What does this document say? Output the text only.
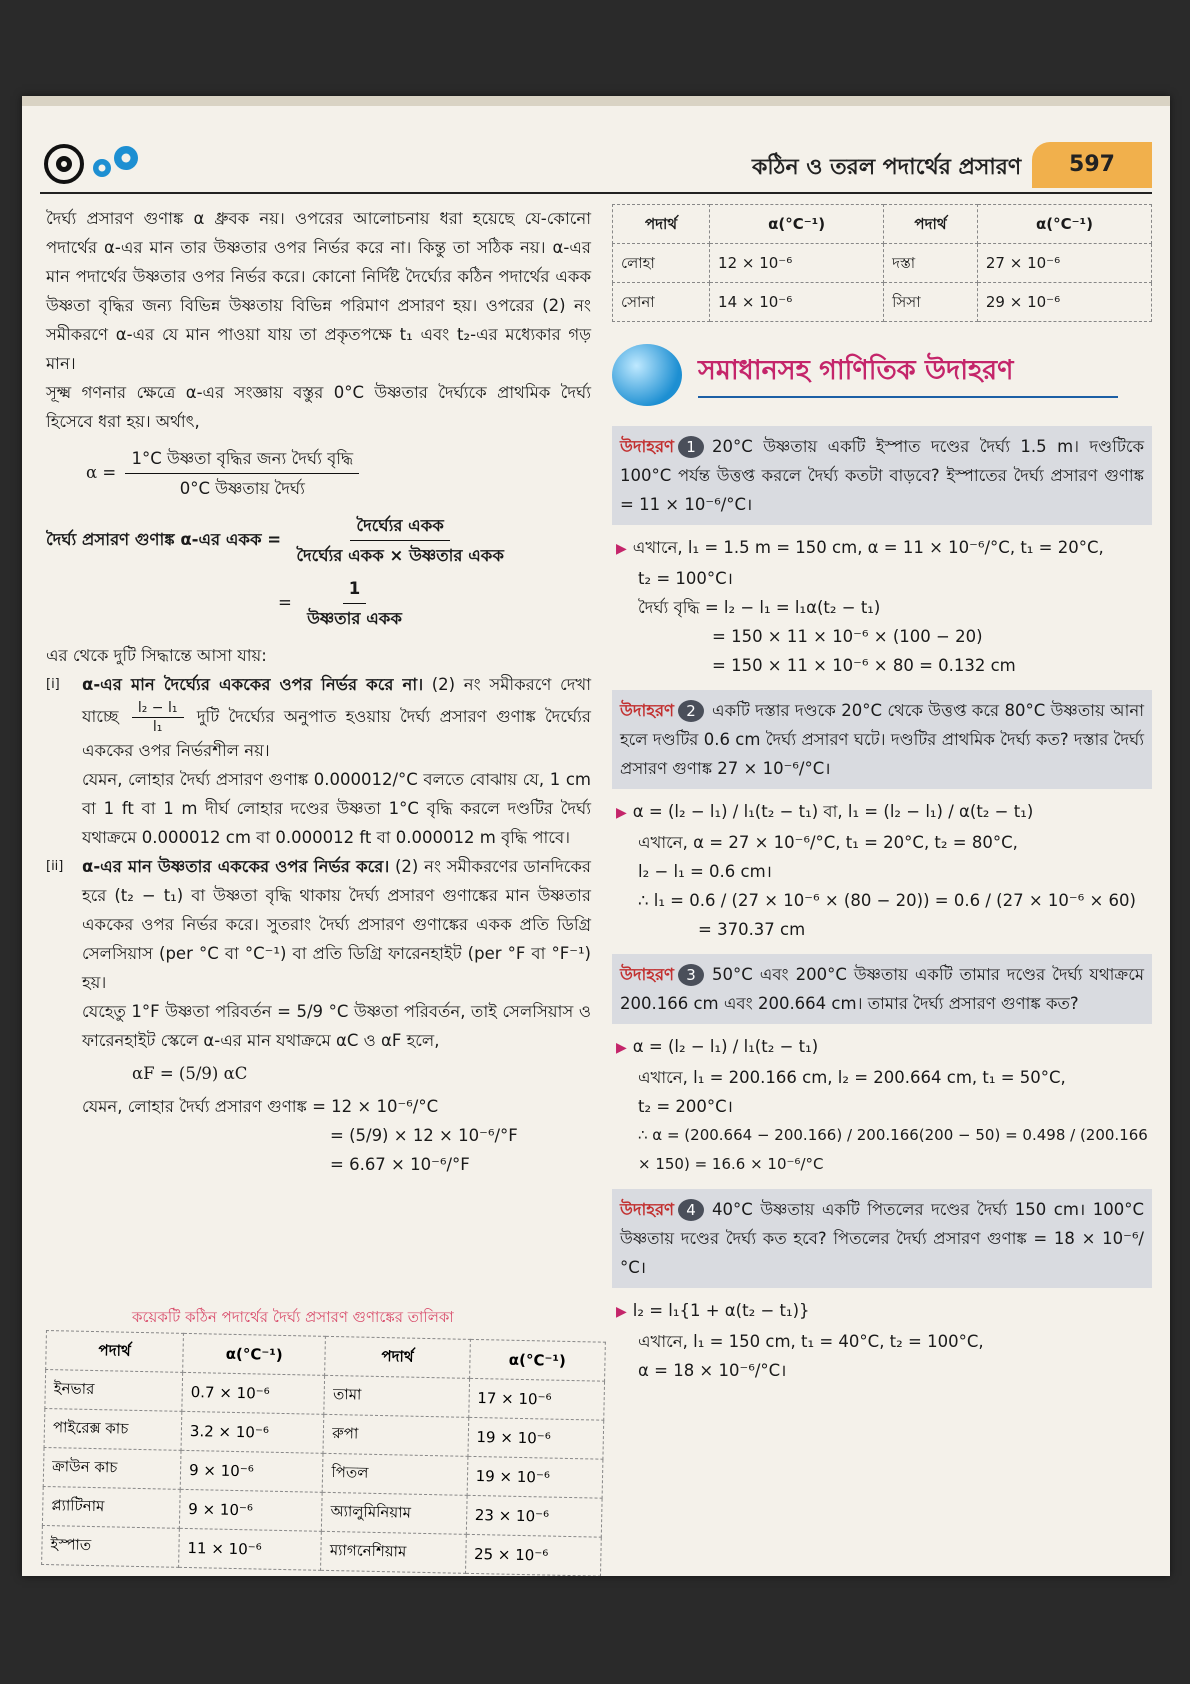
কঠিন ও তরল পদার্থের প্রসারণ	597

দৈর্ঘ্য প্রসারণ গুণাঙ্ক α ধ্রুবক নয়। ওপরের আলোচনায় ধরা হয়েছে যে-কোনো পদার্থের α-এর মান তার উষ্ণতার ওপর নির্ভর করে না। কিন্তু তা সঠিক নয়। α-এর মান পদার্থের উষ্ণতার ওপর নির্ভর করে। কোনো নির্দিষ্ট দৈর্ঘ্যের কঠিন পদার্থের একক উষ্ণতা বৃদ্ধির জন্য বিভিন্ন উষ্ণতায় বিভিন্ন পরিমাণ প্রসারণ হয়। ওপরের (2) নং সমীকরণে α-এর যে মান পাওয়া যায় তা প্রকৃতপক্ষে t₁ এবং t₂-এর মধ্যেকার গড় মান।

সূক্ষ্ম গণনার ক্ষেত্রে α-এর সংজ্ঞায় বস্তুর 0°C উষ্ণতার দৈর্ঘ্যকে প্রাথমিক দৈর্ঘ্য হিসেবে ধরা হয়। অর্থাৎ,

$\alpha = \frac{\text{1°C উষ্ণতা বৃদ্ধির জন্য দৈর্ঘ্য বৃদ্ধি}}{\text{0°C উষ্ণতায় দৈর্ঘ্য}}$
দৈর্ঘ্য প্রসারণ গুণাঙ্ক α-এর একক = $\frac{\text{দৈর্ঘ্যের একক}}{\text{দৈর্ঘ্যের একক × উষ্ণতার একক}}$
= $\frac{1}{\text{উষ্ণতার একক}}$

এর থেকে দুটি সিদ্ধান্তে আসা যায়:

[i] α-এর মান দৈর্ঘ্যের এককের ওপর নির্ভর করে না। (2) নং সমীকরণে দেখা যাচ্ছে $\frac{\text{l₂ − l₁}}{\text{l₁}}$ দুটি দৈর্ঘ্যের অনুপাত হওয়ায় দৈর্ঘ্য প্রসারণ গুণাঙ্ক দৈর্ঘ্যের এককের ওপর নির্ভরশীল নয়।

যেমন, লোহার দৈর্ঘ্য প্রসারণ গুণাঙ্ক 0.000012/°C বলতে বোঝায় যে, 1 cm বা 1 ft বা 1 m দীর্ঘ লোহার দণ্ডের উষ্ণতা 1°C বৃদ্ধি করলে দণ্ডটির দৈর্ঘ্য যথাক্রমে 0.000012 cm বা 0.000012 ft বা 0.000012 m বৃদ্ধি পাবে।

[ii] α-এর মান উষ্ণতার এককের ওপর নির্ভর করে। (2) নং সমীকরণের ডানদিকের হরে (t₂ − t₁) বা উষ্ণতা বৃদ্ধি থাকায় দৈর্ঘ্য প্রসারণ গুণাঙ্কের মান উষ্ণতার এককের ওপর নির্ভর করে। সুতরাং দৈর্ঘ্য প্রসারণ গুণাঙ্কের একক প্রতি ডিগ্রি সেলসিয়াস (per °C বা °C⁻¹) বা প্রতি ডিগ্রি ফারেনহাইট (per °F বা °F⁻¹) হয়।

যেহেতু 1°F উষ্ণতা পরিবর্তন = 5/9 °C উষ্ণতা পরিবর্তন, তাই সেলসিয়াস ও ফারেনহাইট স্কেলে α-এর মান যথাক্রমে αC ও αF হলে,

αF = (5/9) αC

যেমন, লোহার দৈর্ঘ্য প্রসারণ গুণাঙ্ক = 12 × 10⁻⁶/°C

= (5/9) × 12 × 10⁻⁶/°F

= 6.67 × 10⁻⁶/°F

কয়েকটি কঠিন পদার্থের দৈর্ঘ্য প্রসারণ গুণাঙ্কের তালিকা
পদার্থ	α(°C⁻¹)	পদার্থ	α(°C⁻¹)
ইনভার	0.7 × 10⁻⁶	তামা	17 × 10⁻⁶
পাইরেক্স কাচ	3.2 × 10⁻⁶	রুপা	19 × 10⁻⁶
ক্রাউন কাচ	9 × 10⁻⁶	পিতল	19 × 10⁻⁶
প্ল্যাটিনাম	9 × 10⁻⁶	অ্যালুমিনিয়াম	23 × 10⁻⁶
ইস্পাত	11 × 10⁻⁶	ম্যাগনেশিয়াম	25 × 10⁻⁶
পদার্থ	α(°C⁻¹)	পদার্থ	α(°C⁻¹)
লোহা	12 × 10⁻⁶	দস্তা	27 × 10⁻⁶
সোনা	14 × 10⁻⁶	সিসা	29 × 10⁻⁶
সমাধানসহ গাণিতিক উদাহরণ
উদাহরণ 1 20°C উষ্ণতায় একটি ইস্পাত দণ্ডের দৈর্ঘ্য 1.5 m। দণ্ডটিকে 100°C পর্যন্ত উত্তপ্ত করলে দৈর্ঘ্য কতটা বাড়বে? ইস্পাতের দৈর্ঘ্য প্রসারণ গুণাঙ্ক = 11 × 10⁻⁶/°C।

▶ এখানে, l₁ = 1.5 m = 150 cm, α = 11 × 10⁻⁶/°C, t₁ = 20°C,

t₂ = 100°C।

দৈর্ঘ্য বৃদ্ধি = l₂ − l₁ = l₁α(t₂ − t₁)

= 150 × 11 × 10⁻⁶ × (100 − 20)

= 150 × 11 × 10⁻⁶ × 80 = 0.132 cm

উদাহরণ 2 একটি দস্তার দণ্ডকে 20°C থেকে উত্তপ্ত করে 80°C উষ্ণতায় আনা হলে দণ্ডটির 0.6 cm দৈর্ঘ্য প্রসারণ ঘটে। দণ্ডটির প্রাথমিক দৈর্ঘ্য কত? দস্তার দৈর্ঘ্য প্রসারণ গুণাঙ্ক 27 × 10⁻⁶/°C।

▶ α = (l₂ − l₁) / l₁(t₂ − t₁) বা, l₁ = (l₂ − l₁) / α(t₂ − t₁)

এখানে, α = 27 × 10⁻⁶/°C, t₁ = 20°C, t₂ = 80°C,

l₂ − l₁ = 0.6 cm।

∴ l₁ = 0.6 / (27 × 10⁻⁶ × (80 − 20)) = 0.6 / (27 × 10⁻⁶ × 60)

= 370.37 cm

উদাহরণ 3 50°C এবং 200°C উষ্ণতায় একটি তামার দণ্ডের দৈর্ঘ্য যথাক্রমে 200.166 cm এবং 200.664 cm। তামার দৈর্ঘ্য প্রসারণ গুণাঙ্ক কত?

▶ α = (l₂ − l₁) / l₁(t₂ − t₁)

এখানে, l₁ = 200.166 cm, l₂ = 200.664 cm, t₁ = 50°C,

t₂ = 200°C।

∴ α = (200.664 − 200.166) / 200.166(200 − 50) = 0.498 / (200.166 × 150) = 16.6 × 10⁻⁶/°C

উদাহরণ 4 40°C উষ্ণতায় একটি পিতলের দণ্ডের দৈর্ঘ্য 150 cm। 100°C উষ্ণতায় দণ্ডের দৈর্ঘ্য কত হবে? পিতলের দৈর্ঘ্য প্রসারণ গুণাঙ্ক = 18 × 10⁻⁶/°C।

▶ l₂ = l₁{1 + α(t₂ − t₁)}

এখানে, l₁ = 150 cm, t₁ = 40°C, t₂ = 100°C,

α = 18 × 10⁻⁶/°C।
